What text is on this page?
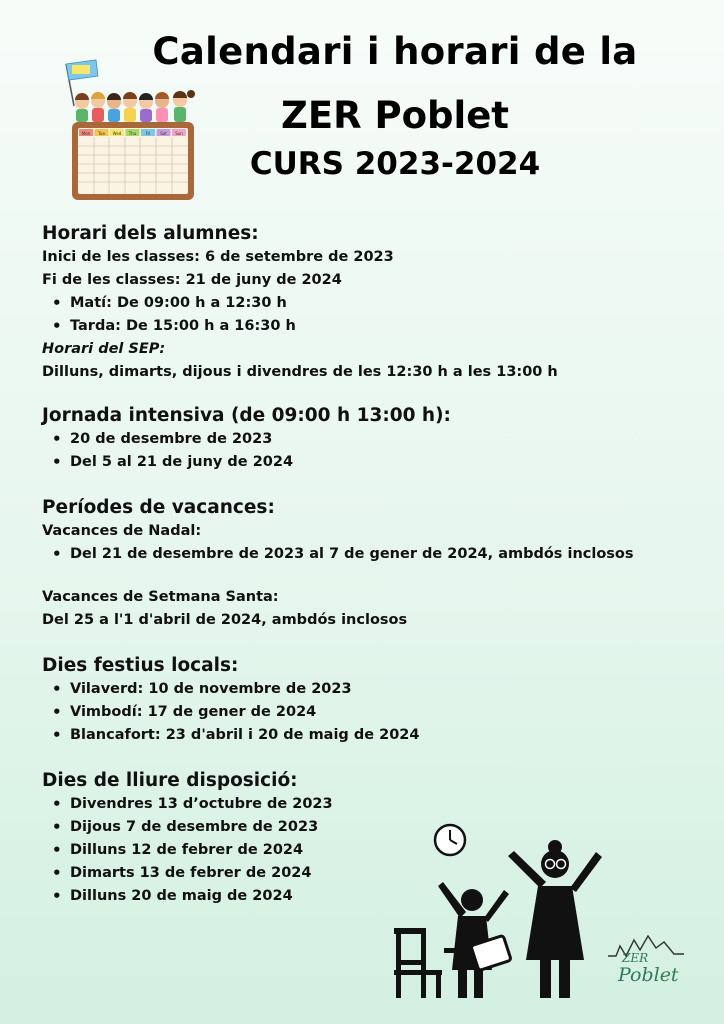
Calendari i horari de la
ZER Poblet
CURS 2023-2024
Mon Tue Wed Thu Fri Sat Sun
Horari dels alumnes:
Inici de les classes: 6 de setembre de 2023
Fi de les classes: 21 de juny de 2024
• Matí: De 09:00 h a 12:30 h
• Tarda: De 15:00 h a 16:30 h
Horari del SEP:
Dilluns, dimarts, dijous i divendres de les 12:30 h a les 13:00 h
Jornada intensiva (de 09:00 h 13:00 h):
• 20 de desembre de 2023
• Del 5 al 21 de juny de 2024
Períodes de vacances:
Vacances de Nadal:
• Del 21 de desembre de 2023 al 7 de gener de 2024, ambdós inclosos
Vacances de Setmana Santa:
Del 25 a l'1 d'abril de 2024, ambdós inclosos
Dies festius locals:
• Vilaverd: 10 de novembre de 2023
• Vimbodí: 17 de gener de 2024
• Blancafort: 23 d'abril i 20 de maig de 2024
Dies de lliure disposició:
• Divendres 13 d’octubre de 2023
• Dijous 7 de desembre de 2023
• Dilluns 12 de febrer de 2024
• Dimarts 13 de febrer de 2024
• Dilluns 20 de maig de 2024
ZER
Poblet
